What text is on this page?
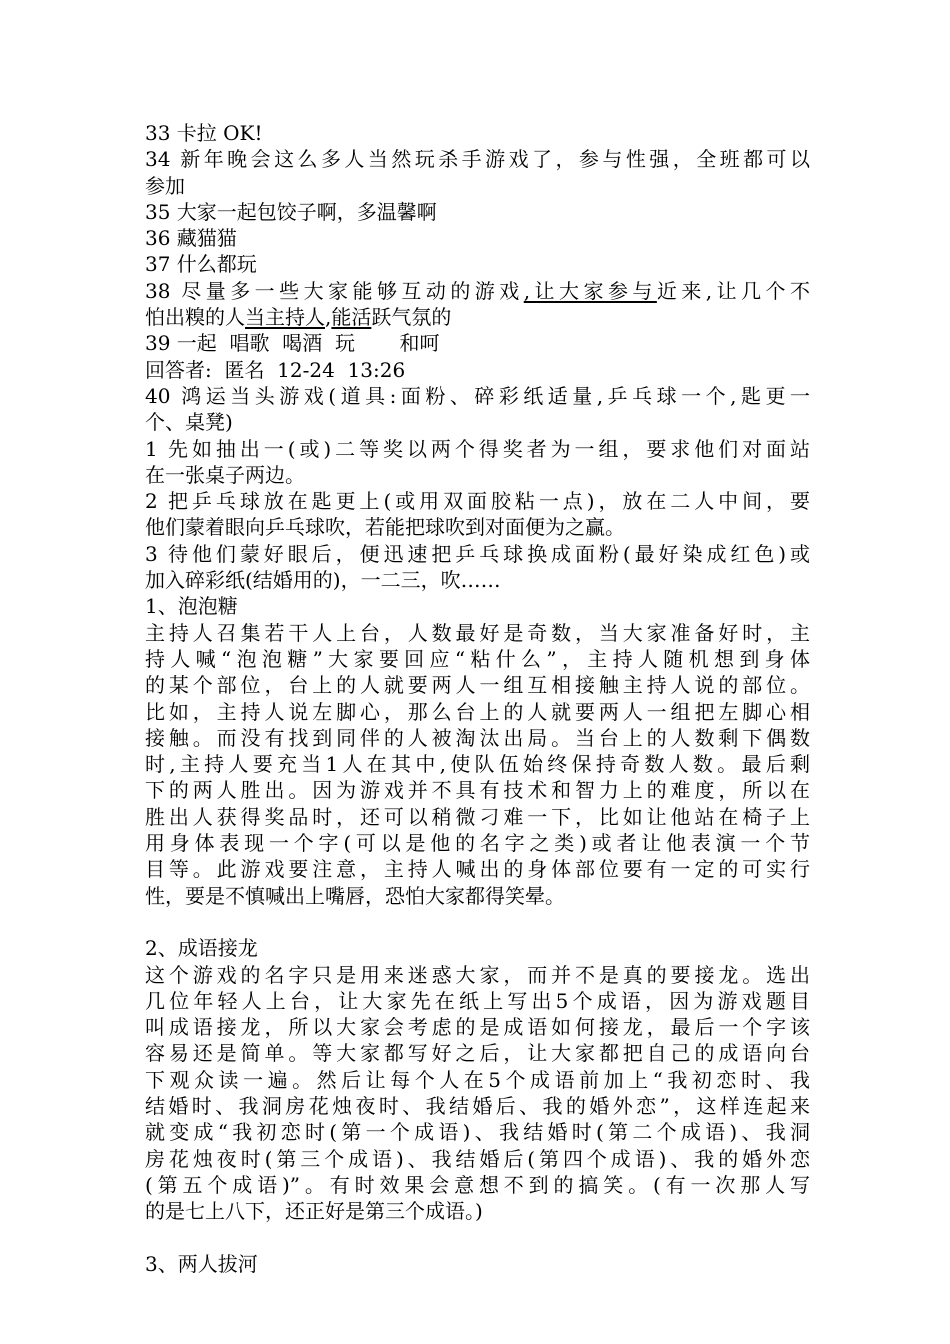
33 卡拉 OK!
34 新年晚会这么多人当然玩杀手游戏了，参与性强，全班都可以
参加
35 大家一起包饺子啊，多温馨啊
36 藏猫猫
37 什么都玩
38 尽量多一些大家能够互动的游戏,让大家参与近来,让几个不
怕出糗的人当主持人,能活跃气氛的
39 一起  唱歌  喝酒  玩       和呵
回答者:  匿名  12-24  13:26
40 鸿运当头游戏(道具:面粉、碎彩纸适量,乒乓球一个,匙更一
个、桌凳)
1 先如抽出一(或)二等奖以两个得奖者为一组，要求他们对面站
在一张桌子两边。
2 把乒乓球放在匙更上(或用双面胶粘一点)，放在二人中间，要
他们蒙着眼向乒乓球吹，若能把球吹到对面便为之赢。
3 待他们蒙好眼后，便迅速把乒乓球换成面粉(最好染成红色)或
加入碎彩纸(结婚用的)，一二三，吹……
1、泡泡糖
主持人召集若干人上台，人数最好是奇数，当大家准备好时，主
持人喊“泡泡糖”大家要回应“粘什么”，主持人随机想到身体
的某个部位，台上的人就要两人一组互相接触主持人说的部位。
比如，主持人说左脚心，那么台上的人就要两人一组把左脚心相
接触。而没有找到同伴的人被淘汰出局。当台上的人数剩下偶数
时,主持人要充当1人在其中,使队伍始终保持奇数人数。最后剩
下的两人胜出。因为游戏并不具有技术和智力上的难度，所以在
胜出人获得奖品时，还可以稍微刁难一下，比如让他站在椅子上
用身体表现一个字(可以是他的名字之类)或者让他表演一个节
目等。此游戏要注意，主持人喊出的身体部位要有一定的可实行
性，要是不慎喊出上嘴唇，恐怕大家都得笑晕。
2、成语接龙
这个游戏的名字只是用来迷惑大家，而并不是真的要接龙。选出
几位年轻人上台，让大家先在纸上写出5个成语，因为游戏题目
叫成语接龙，所以大家会考虑的是成语如何接龙，最后一个字该
容易还是简单。等大家都写好之后，让大家都把自己的成语向台
下观众读一遍。然后让每个人在5个成语前加上“我初恋时、我
结婚时、我洞房花烛夜时、我结婚后、我的婚外恋”，这样连起来
就变成“我初恋时(第一个成语)、我结婚时(第二个成语)、我洞
房花烛夜时(第三个成语)、我结婚后(第四个成语)、我的婚外恋
(第五个成语)”。有时效果会意想不到的搞笑。(有一次那人写
的是七上八下，还正好是第三个成语。)
3、两人拔河
